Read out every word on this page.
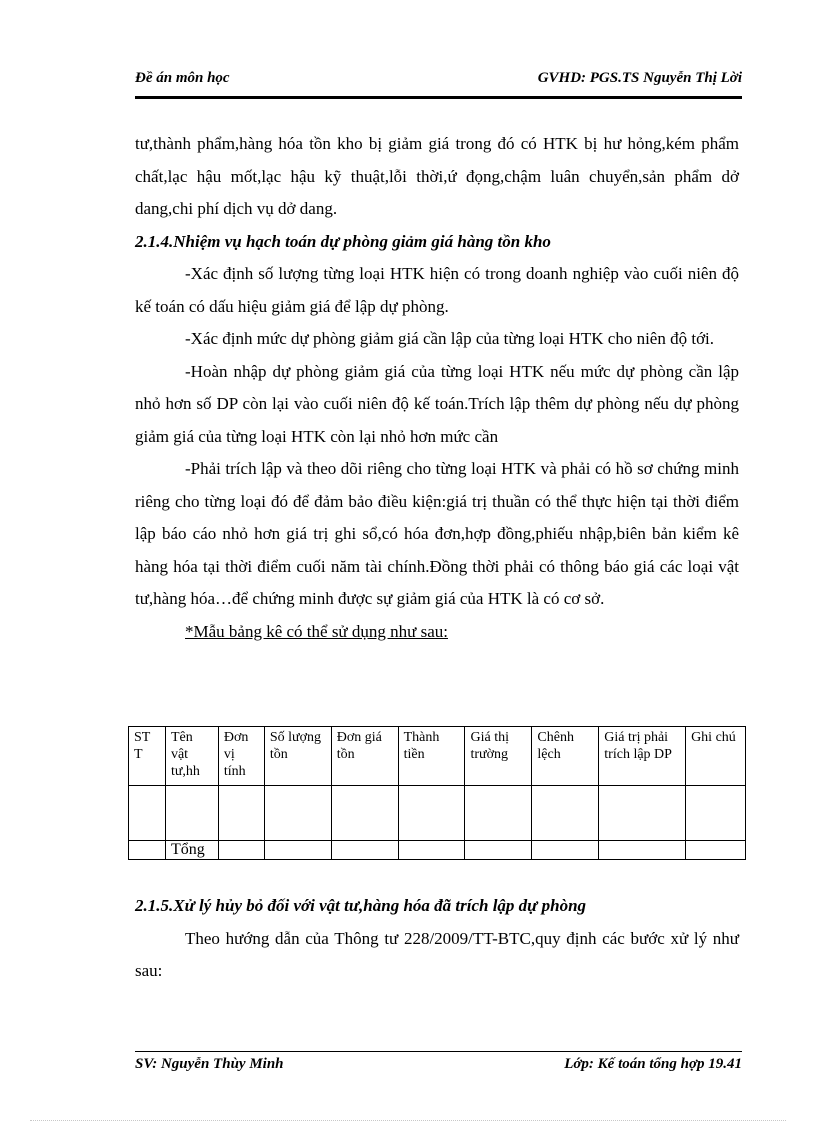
Đề án môn học	GVHD: PGS.TS Nguyễn Thị Lời

tư,thành phẩm,hàng hóa tồn kho bị giảm giá trong đó có HTK bị hư hỏng,kém phẩm chất,lạc hậu mốt,lạc hậu kỹ thuật,lỗi thời,ứ đọng,chậm luân chuyển,sản phẩm dở dang,chi phí dịch vụ dở dang.

2.1.4.Nhiệm vụ hạch toán dự phòng giảm giá hàng tồn kho

-Xác định số lượng từng loại HTK hiện có trong doanh nghiệp vào cuối niên độ kế toán có dấu hiệu giảm giá để lập dự phòng.

-Xác định mức dự phòng giảm giá cần lập của từng loại HTK cho niên độ tới.

-Hoàn nhập dự phòng giảm giá của từng loại HTK nếu mức dự phòng cần lập nhỏ hơn số DP còn lại vào cuối niên độ kế toán.Trích lập thêm dự phòng nếu dự phòng giảm giá của từng loại HTK còn lại nhỏ hơn mức cần

-Phải trích lập và theo dõi riêng cho từng loại HTK và phải có hồ sơ chứng minh riêng cho từng loại đó để đảm bảo điều kiện:giá trị thuần có thể thực hiện tại thời điểm lập báo cáo nhỏ hơn giá trị ghi sổ,có hóa đơn,hợp đồng,phiếu nhập,biên bản kiểm kê hàng hóa tại thời điểm cuối năm tài chính.Đồng thời phải có thông báo giá các loại vật tư,hàng hóa…để chứng minh được sự giảm giá của HTK là có cơ sở.

*Mẫu bảng kê có thể sử dụng như sau:

ST T	Tên vật tư,hh	Đơn vị tính	Số lượng tồn	Đơn giá tồn	Thành tiền	Giá thị trường	Chênh lệch	Giá trị phải trích lập DP	Ghi chú

	Tổng								

2.1.5.Xử lý hủy bỏ đối với vật tư,hàng hóa đã trích lập dự phòng

Theo hướng dẫn của Thông tư 228/2009/TT-BTC,quy định các bước xử lý như sau:

SV: Nguyễn Thùy Minh	Lớp: Kế toán tổng hợp 19.41
